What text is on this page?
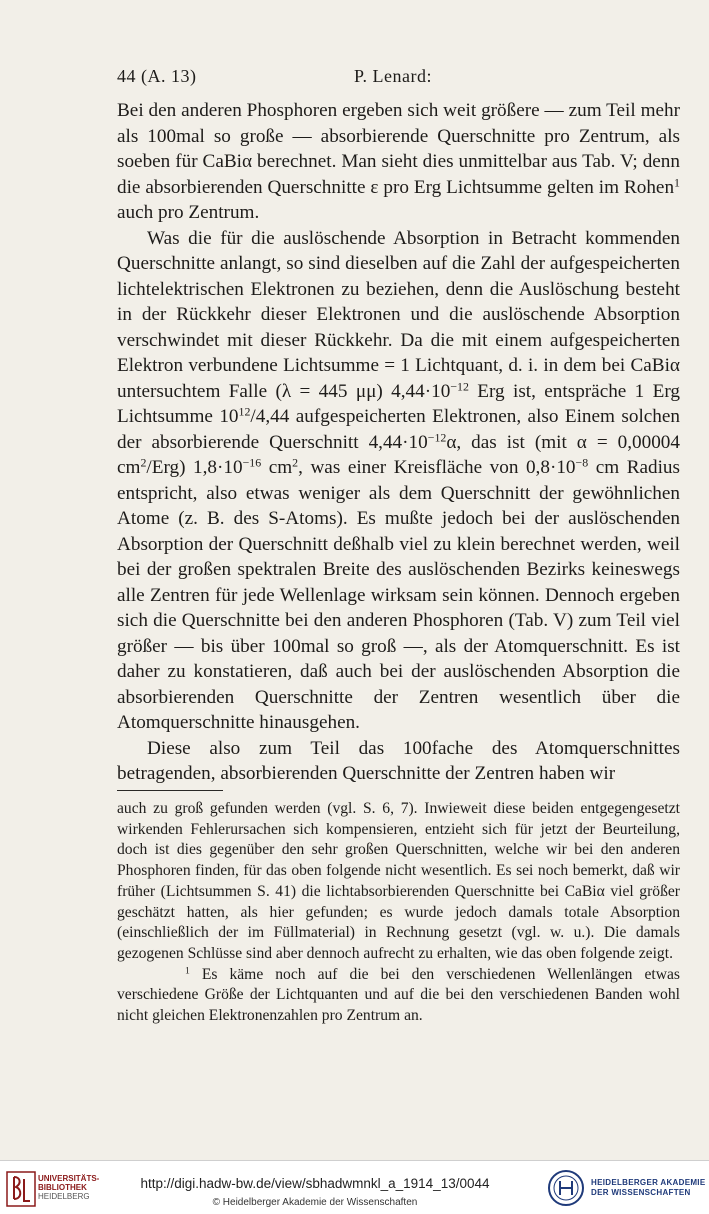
44 (A. 13)	P. Lenard:

Bei den anderen Phosphoren ergeben sich weit größere — zum Teil mehr als 100mal so große — absorbierende Querschnitte pro Zentrum, als soeben für CaBiα berechnet. Man sieht dies unmittelbar aus Tab. V; denn die absorbierenden Querschnitte ε pro Erg Lichtsumme gelten im Rohen$^1$ auch pro Zentrum.

Was die für die auslöschende Absorption in Betracht kommenden Querschnitte anlangt, so sind dieselben auf die Zahl der aufgespeicherten lichtelektrischen Elektronen zu beziehen, denn die Auslöschung besteht in der Rückkehr dieser Elektronen und die auslöschende Absorption verschwindet mit dieser Rückkehr. Da die mit einem aufgespeicherten Elektron verbundene Lichtsumme = 1 Lichtquant, d. i. in dem bei CaBiα untersuchtem Falle (λ = 445 μμ) $4,44\cdot 10^{-12}$ Erg ist, entspräche 1 Erg Lichtsumme $10^{12}/4,44$ aufgespeicherten Elektronen, also Einem solchen der absorbierende Querschnitt $4,44\cdot 10^{-12}\alpha$, das ist (mit α = 0,00004 $cm^2/Erg$) $1,8\cdot 10^{-16}$ $cm^2$, was einer Kreisfläche von $0,8\cdot 10^{-8}$ cm Radius entspricht, also etwas weniger als dem Querschnitt der gewöhnlichen Atome (z. B. des S-Atoms). Es mußte jedoch bei der auslöschenden Absorption der Querschnitt deßhalb viel zu klein berechnet werden, weil bei der großen spektralen Breite des auslöschenden Bezirks keineswegs alle Zentren für jede Wellenlage wirksam sein können. Dennoch ergeben sich die Querschnitte bei den anderen Phosphoren (Tab. V) zum Teil viel größer — bis über 100mal so groß —, als der Atomquerschnitt. Es ist daher zu konstatieren, daß auch bei der auslöschenden Absorption die absorbierenden Querschnitte der Zentren wesentlich über die Atomquerschnitte hinausgehen.

Diese also zum Teil das 100fache des Atomquerschnittes betragenden, absorbierenden Querschnitte der Zentren haben wir

auch zu groß gefunden werden (vgl. S. 6, 7). Inwieweit diese beiden entgegengesetzt wirkenden Fehlerursachen sich kompensieren, entzieht sich für jetzt der Beurteilung, doch ist dies gegenüber den sehr großen Querschnitten, welche wir bei den anderen Phosphoren finden, für das oben folgende nicht wesentlich. Es sei noch bemerkt, daß wir früher (Lichtsummen S. 41) die lichtabsorbierenden Querschnitte bei CaBiα viel größer geschätzt hatten, als hier gefunden; es wurde jedoch damals totale Absorption (einschließlich der im Füllmaterial) in Rechnung gesetzt (vgl. w. u.). Die damals gezogenen Schlüsse sind aber dennoch aufrecht zu erhalten, wie das oben folgende zeigt.

$^1$ Es käme noch auf die bei den verschiedenen Wellenlängen etwas verschiedene Größe der Lichtquanten und auf die bei den verschiedenen Banden wohl nicht gleichen Elektronenzahlen pro Zentrum an.

UNIVERSITÄTS-
BIBLIOTHEK
HEIDELBERG
http://digi.hadw-bw.de/view/sbhadwmnkl_a_1914_13/0044
© Heidelberger Akademie der Wissenschaften
HEIDELBERGER AKADEMIE
DER WISSENSCHAFTEN
